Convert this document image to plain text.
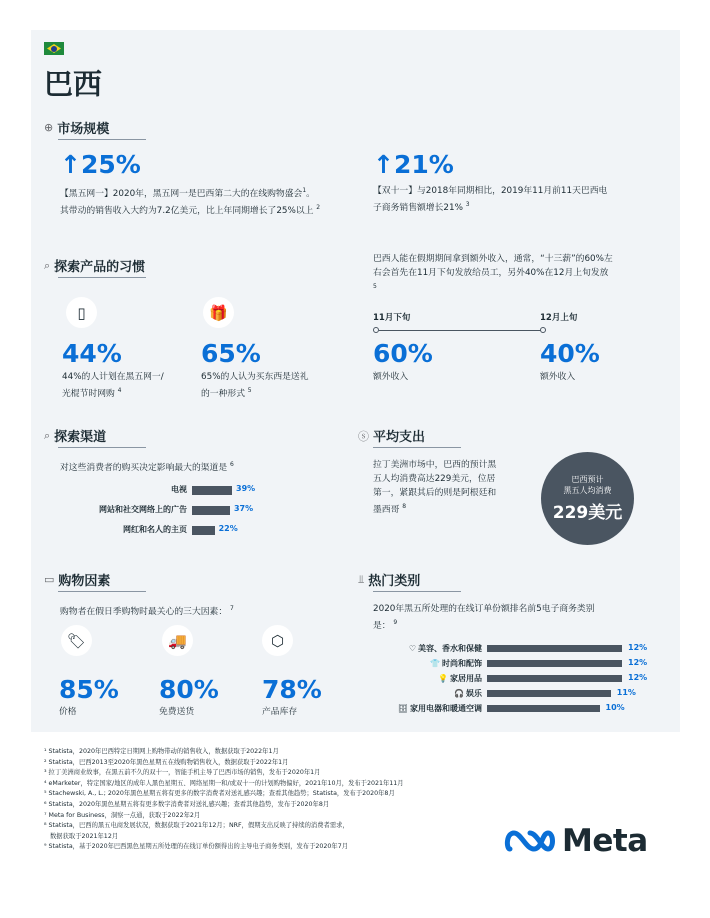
巴西
⊕ 市场规模
↑25%
【黑五网一】2020年，黑五网一是巴西第二大的在线购物盛会$^1$。其带动的销售收入大约为7.2亿美元，比上年同期增长了25%以上 $^2$
↑21%
【双十一】与2018年同期相比，2019年11月前11天巴西电子商务销售额增长21% $^3$
⌕ 探索产品的习惯
▯
44%
44%的人计划在黑五网一/光棍节时网购 $^4$
🎁
65%
65%的人认为买东西是送礼的一种形式 $^5$
巴西人能在假期期间拿到额外收入，通常，“十三薪”的60%左右会首先在11月下旬发放给员工，另外40%在12月上旬发放 $^5$
11月下旬	12月上旬
60%
额外收入
40%
额外收入
⌕ 探索渠道
对这些消费者的购买决定影响最大的渠道是 $^6$
电视	39%
网站和社交网络上的广告	37%
网红和名人的主页	22%
ⓢ 平均支出
拉丁美洲市场中，巴西的预计黑五人均消费高达229美元，位居第一，紧跟其后的则是阿根廷和墨西哥 $^8$
巴西预计
黑五人均消费
229美元
▭ 购物因素
购物者在假日季购物时最关心的三大因素： $^7$
🏷
85%
价格
🚚
80%
免费送货
⬡
78%
产品库存
⫫ 热门类别
2020年黑五所处理的在线订单份额排名前5电子商务类别是： $^9$
♡ 美容、香水和保健	12%
👕 时尚和配饰	12%
💡 家居用品	12%
🎧 娱乐	11%
🗄 家用电器和暖通空调	10%
¹ Statista，2020年巴西特定日期网上购物带动的销售收入，数据获取于2022年1月
² Statista，巴西2013至2020年黑色星期五在线购物销售收入，数据获取于2022年1月
³ 拉丁美洲商业故事，在黑五前不久的双十一，智能手机主导了巴西市场的销售，发布于2020年1月
⁴ eMarketer，特定国家/地区的成年人黑色星期五、网络星期一和/或双十一的计划购物偏好，2021年10月，发布于2021年11月
⁵ Stachewski, A., L.; 2020年黑色星期五将有更多的数字消费者对送礼感兴趣；查看其他趋势；Statista，发布于2020年8月
⁶ Statista，2020年黑色星期五将有更多数字消费者对送礼感兴趣；查看其他趋势，发布于2020年8月
⁷ Meta for Business，洞察一点通，获取于2022年2月
⁸ Statista，巴西的黑五电商发展状况，数据获取于2021年12月；NRF，假期支出反映了持续的消费者需求，
数据获取于2021年12月
⁹ Statista，基于2020年巴西黑色星期五所处理的在线订单份额得出的主导电子商务类别，发布于2020年7月	Meta
